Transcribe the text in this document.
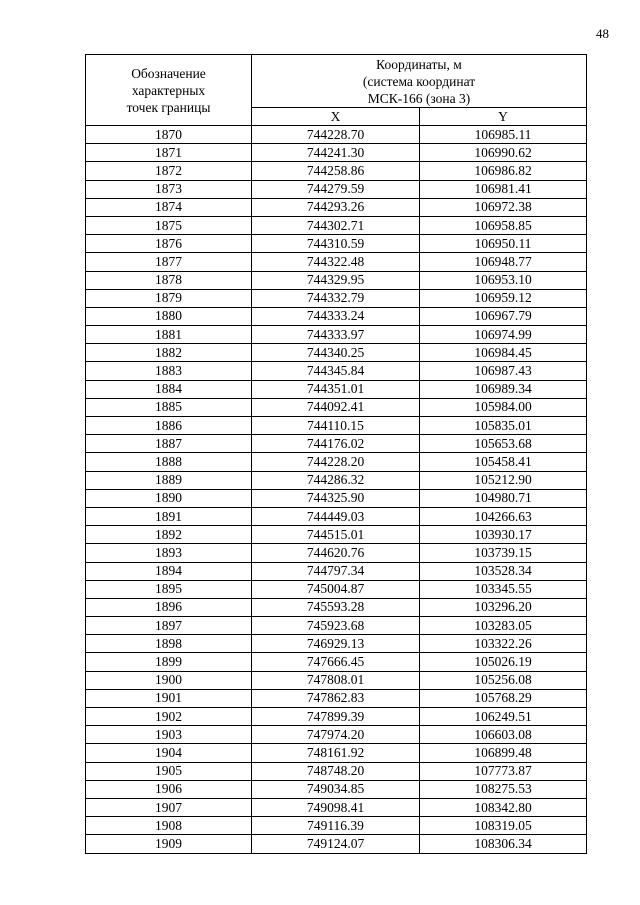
48
Обозначение
характерных
точек границы	Координаты, м
(система координат
МСК-166 (зона 3)	

	X	Y
1870	744228.70	106985.11
1871	744241.30	106990.62
1872	744258.86	106986.82
1873	744279.59	106981.41
1874	744293.26	106972.38
1875	744302.71	106958.85
1876	744310.59	106950.11
1877	744322.48	106948.77
1878	744329.95	106953.10
1879	744332.79	106959.12
1880	744333.24	106967.79
1881	744333.97	106974.99
1882	744340.25	106984.45
1883	744345.84	106987.43
1884	744351.01	106989.34
1885	744092.41	105984.00
1886	744110.15	105835.01
1887	744176.02	105653.68
1888	744228.20	105458.41
1889	744286.32	105212.90
1890	744325.90	104980.71
1891	744449.03	104266.63
1892	744515.01	103930.17
1893	744620.76	103739.15
1894	744797.34	103528.34
1895	745004.87	103345.55
1896	745593.28	103296.20
1897	745923.68	103283.05
1898	746929.13	103322.26
1899	747666.45	105026.19
1900	747808.01	105256.08
1901	747862.83	105768.29
1902	747899.39	106249.51
1903	747974.20	106603.08
1904	748161.92	106899.48
1905	748748.20	107773.87
1906	749034.85	108275.53
1907	749098.41	108342.80
1908	749116.39	108319.05
1909	749124.07	108306.34
